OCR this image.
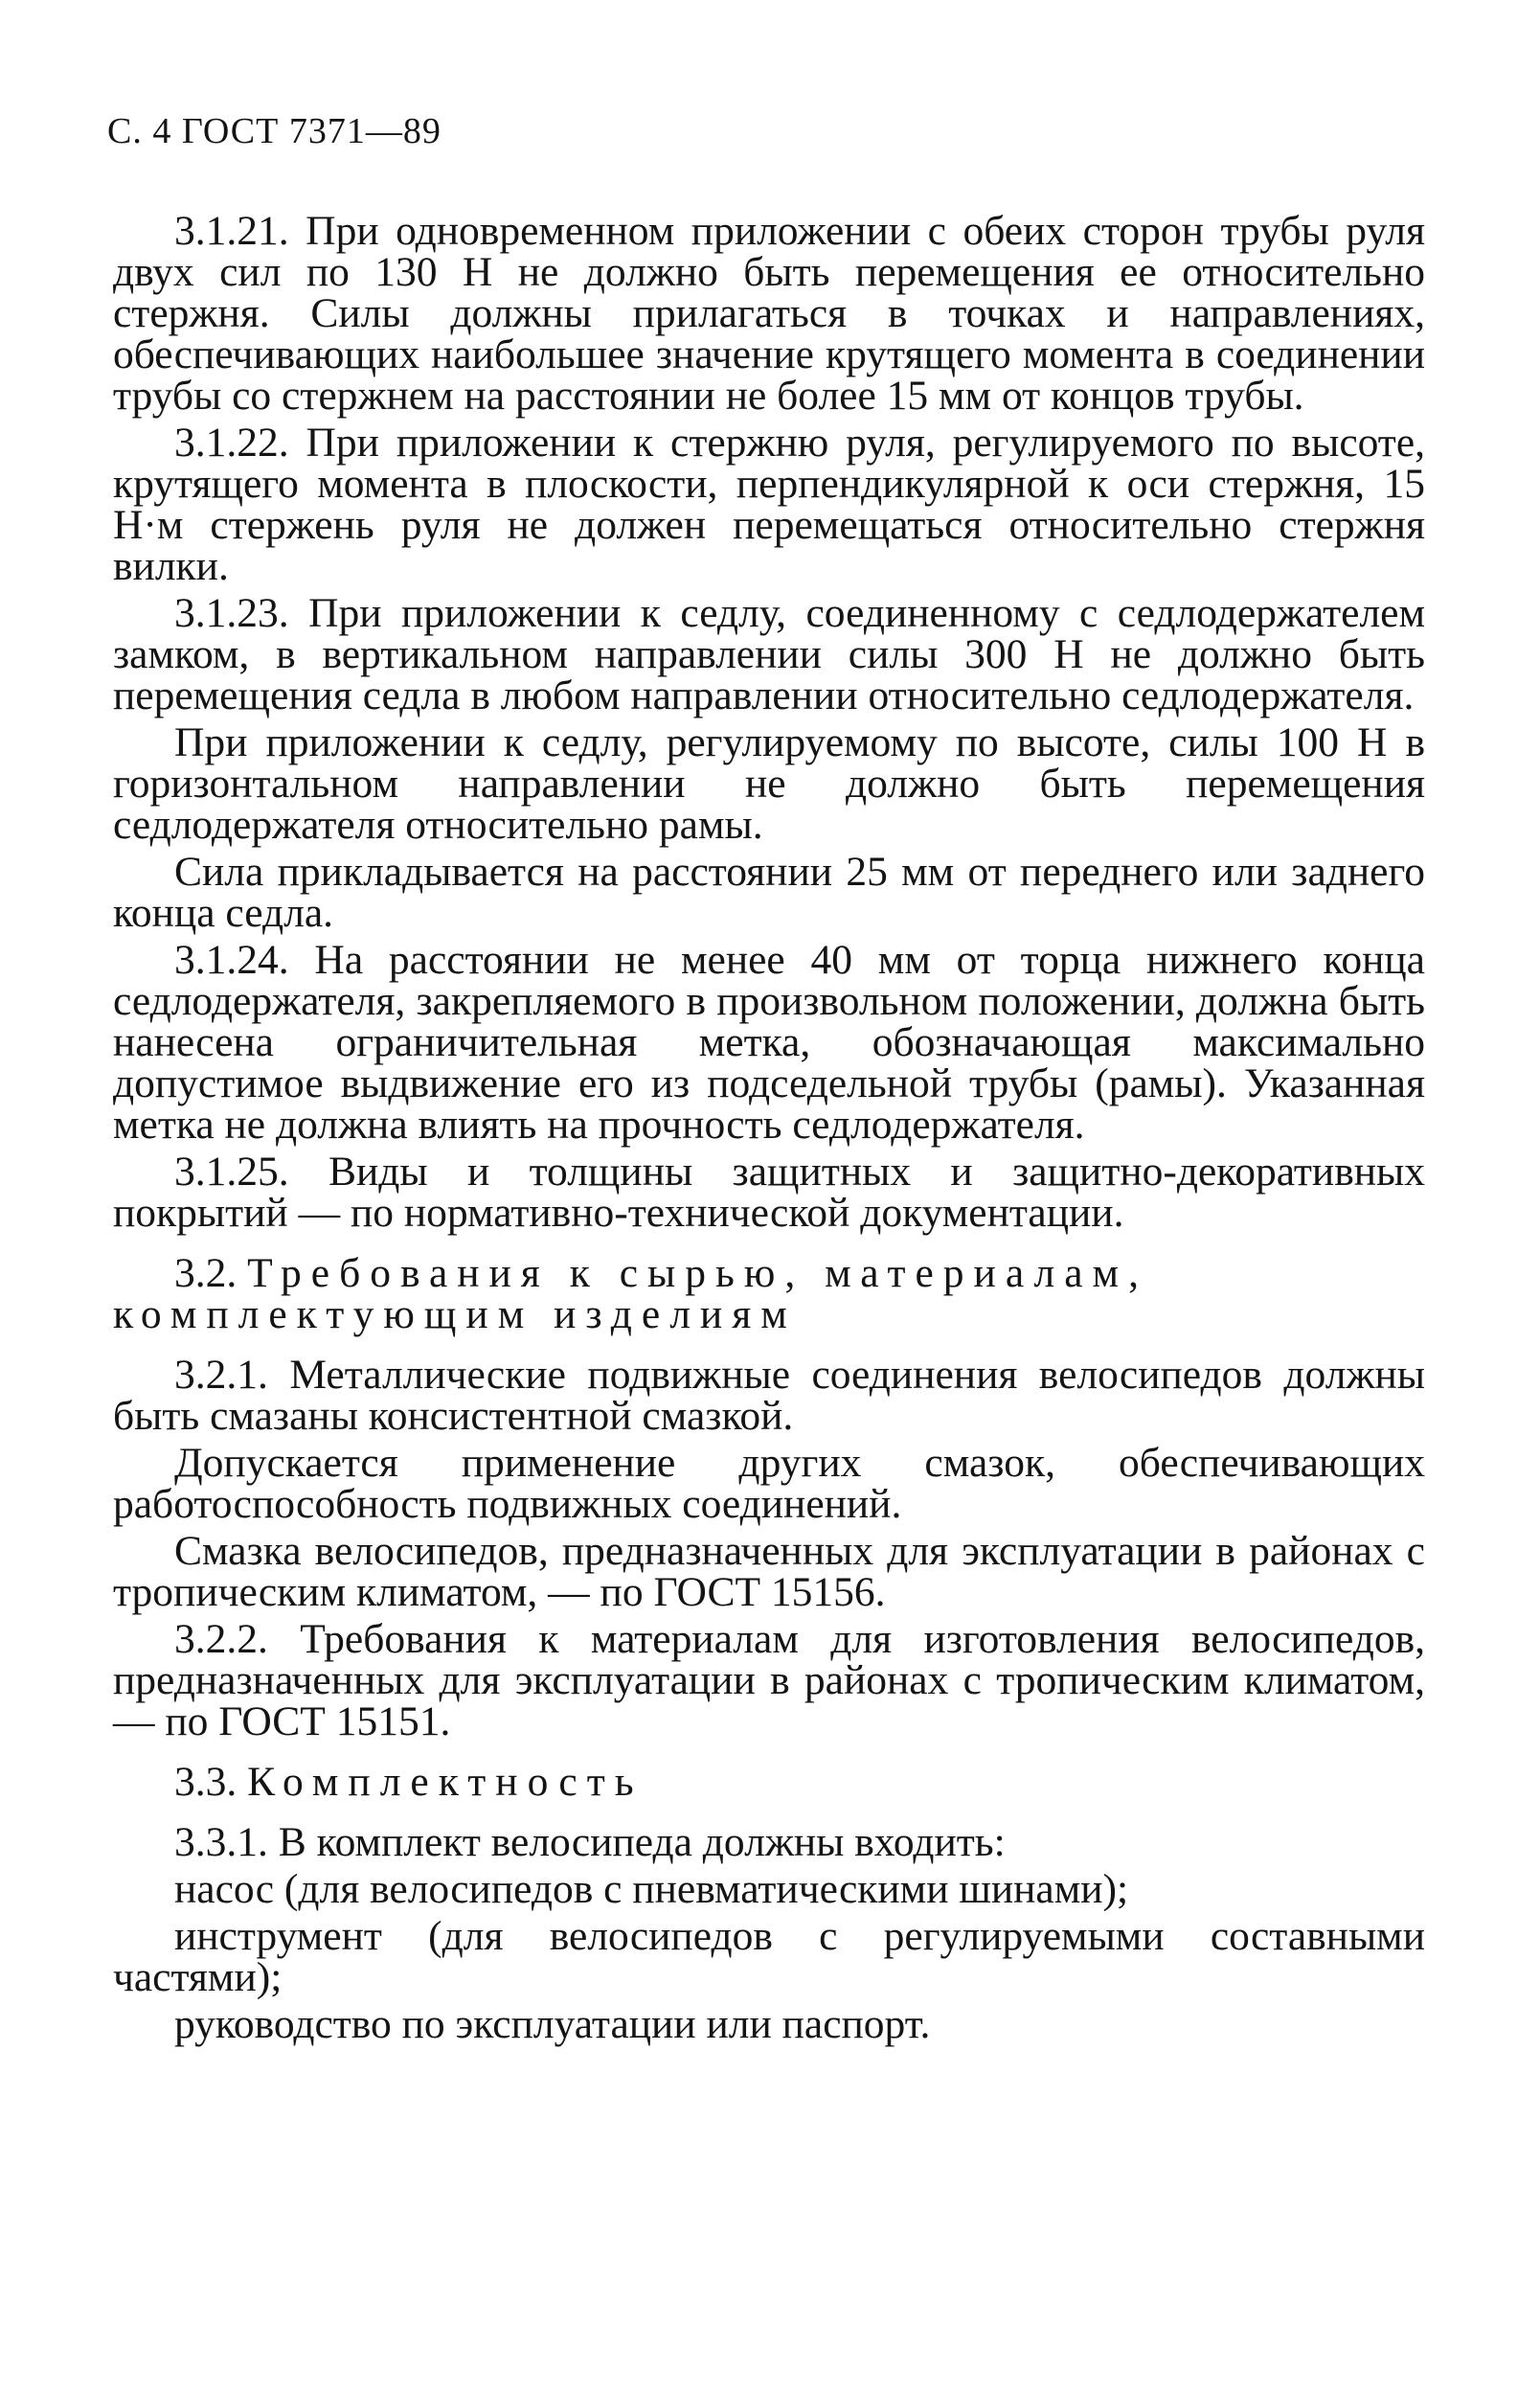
С. 4 ГОСТ 7371—89

3.1.21. При одновременном приложении с обеих сторон трубы руля двух сил по 130 Н не должно быть перемещения ее относительно стержня. Силы должны прилагаться в точках и направлениях, обеспечивающих наибольшее значение крутящего момента в соединении трубы со стержнем на расстоянии не более 15 мм от концов трубы.

3.1.22. При приложении к стержню руля, регулируемого по высоте, крутящего момента в плоскости, перпендикулярной к оси стержня, 15 Н·м стержень руля не должен перемещаться относительно стержня вилки.

3.1.23. При приложении к седлу, соединенному с седлодержателем замком, в вертикальном направлении силы 300 Н не должно быть перемещения седла в любом направлении относительно седлодержателя.

При приложении к седлу, регулируемому по высоте, силы 100 Н в горизонтальном направлении не должно быть перемещения седлодержателя относительно рамы.

Сила прикладывается на расстоянии 25 мм от переднего или заднего конца седла.

3.1.24. На расстоянии не менее 40 мм от торца нижнего конца седлодержателя, закрепляемого в произвольном положении, должна быть нанесена ограничительная метка, обозначающая максимально допустимое выдвижение его из подседельной трубы (рамы). Указанная метка не должна влиять на прочность седлодержателя.

3.1.25. Виды и толщины защитных и защитно-декоративных покрытий — по нормативно-технической документации.

3.2. Требования к сырью, материалам, комплектующим изделиям

3.2.1. Металлические подвижные соединения велосипедов должны быть смазаны консистентной смазкой.

Допускается применение других смазок, обеспечивающих работоспособность подвижных соединений.

Смазка велосипедов, предназначенных для эксплуатации в районах с тропическим климатом, — по ГОСТ 15156.

3.2.2. Требования к материалам для изготовления велосипедов, предназначенных для эксплуатации в районах с тропическим климатом, — по ГОСТ 15151.

3.3. Комплектность

3.3.1. В комплект велосипеда должны входить:

насос (для велосипедов с пневматическими шинами);

инструмент (для велосипедов с регулируемыми составными частями);

руководство по эксплуатации или паспорт.
